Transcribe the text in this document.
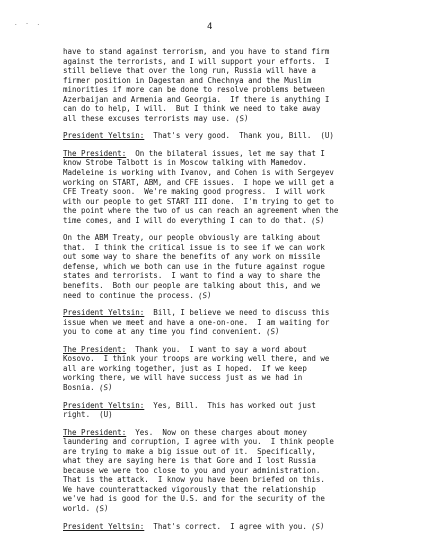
. - .	4

have to stand against terrorism, and you have to stand firm
against the terrorists, and I will support your efforts.  I
still believe that over the long run, Russia will have a
firmer position in Dagestan and Chechnya and the Muslim
minorities if more can be done to resolve problems between
Azerbaijan and Armenia and Georgia.  If there is anything I
can do to help, I will.  But I think we need to take away
all these excuses terrorists may use. (S)

President Yeltsin:  That's very good.  Thank you, Bill.  (U)

The President:  On the bilateral issues, let me say that I
know Strobe Talbott is in Moscow talking with Mamedov.
Madeleine is working with Ivanov, and Cohen is with Sergeyev
working on START, ABM, and CFE issues.  I hope we will get a
CFE Treaty soon.  We're making good progress.  I will work
with our people to get START III done.  I'm trying to get to
the point where the two of us can reach an agreement when the
time comes, and I will do everything I can to do that. (S)

On the ABM Treaty, our people obviously are talking about
that.  I think the critical issue is to see if we can work
out some way to share the benefits of any work on missile
defense, which we both can use in the future against rogue
states and terrorists.  I want to find a way to share the
benefits.  Both our people are talking about this, and we
need to continue the process. (S)

President Yeltsin:  Bill, I believe we need to discuss this
issue when we meet and have a one-on-one.  I am waiting for
you to come at any time you find convenient. (S)

The President:  Thank you.  I want to say a word about
Kosovo.  I think your troops are working well there, and we
all are working together, just as I hoped.  If we keep
working there, we will have success just as we had in
Bosnia. (S)

President Yeltsin:  Yes, Bill.  This has worked out just
right.  (U)

The President:  Yes.  Now on these charges about money
laundering and corruption, I agree with you.  I think people
are trying to make a big issue out of it.  Specifically,
what they are saying here is that Gore and I lost Russia
because we were too close to you and your administration.
That is the attack.  I know you have been briefed on this.
We have counterattacked vigorously that the relationship
we've had is good for the U.S. and for the security of the
world. (S)

President Yeltsin:  That's correct.  I agree with you. (S)
